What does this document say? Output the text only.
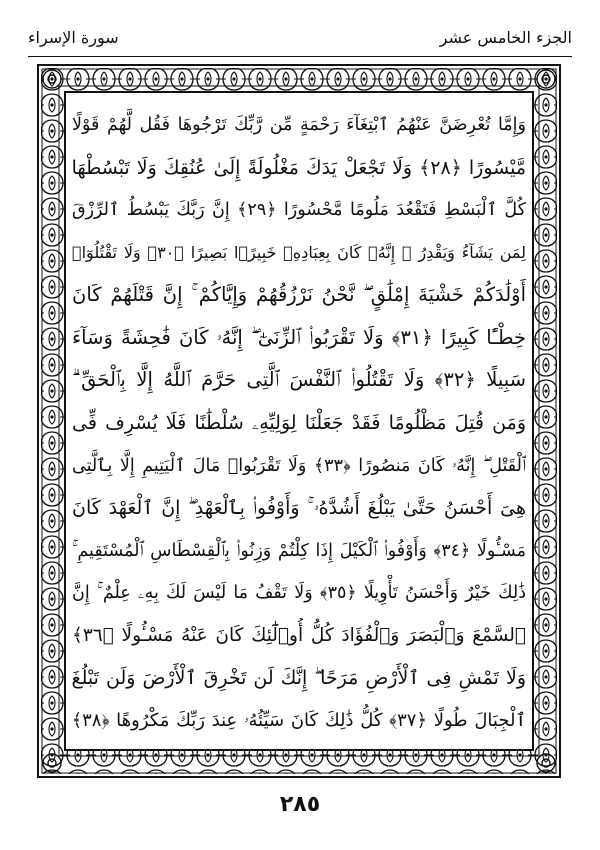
الجزء الخامس عشر
سورة الإسراء
وَإِمَّا تُعْرِضَنَّ عَنْهُمُ ٱبْتِغَآءَ رَحْمَةٍ مِّن رَّبِّكَ تَرْجُوهَا فَقُل لَّهُمْ قَوْلًا
مَّيْسُورًا ﴿٢٨﴾ وَلَا تَجْعَلْ يَدَكَ مَغْلُولَةً إِلَىٰ عُنُقِكَ وَلَا تَبْسُطْهَا
كُلَّ ٱلْبَسْطِ فَتَقْعُدَ مَلُومًا مَّحْسُورًا ﴿٢٩﴾ إِنَّ رَبَّكَ يَبْسُطُ ٱلرِّزْقَ
لِمَن يَشَآءُ وَيَقْدِرُ ۚ إِنَّهُۥ كَانَ بِعِبَادِهِۦ خَبِيرًۢا بَصِيرًا ﴿٣٠﴾ وَلَا تَقْتُلُوٓا۟
أَوْلَٰدَكُمْ خَشْيَةَ إِمْلَٰقٍ ۖ نَّحْنُ نَرْزُقُهُمْ وَإِيَّاكُمْ ۚ إِنَّ قَتْلَهُمْ كَانَ
خِطْـًٔا كَبِيرًا ﴿٣١﴾ وَلَا تَقْرَبُوا۟ ٱلزِّنَىٰٓ ۖ إِنَّهُۥ كَانَ فَٰحِشَةً وَسَآءَ
سَبِيلًا ﴿٣٢﴾ وَلَا تَقْتُلُوا۟ ٱلنَّفْسَ ٱلَّتِى حَرَّمَ ٱللَّهُ إِلَّا بِٱلْحَقِّ ۗ
وَمَن قُتِلَ مَظْلُومًا فَقَدْ جَعَلْنَا لِوَلِيِّهِۦ سُلْطَٰنًا فَلَا يُسْرِف فِّى
ٱلْقَتْلِ ۖ إِنَّهُۥ كَانَ مَنصُورًا ﴿٣٣﴾ وَلَا تَقْرَبُوا۟ مَالَ ٱلْيَتِيمِ إِلَّا بِٱلَّتِى
هِىَ أَحْسَنُ حَتَّىٰ يَبْلُغَ أَشُدَّهُۥ ۚ وَأَوْفُوا۟ بِٱلْعَهْدِ ۖ إِنَّ ٱلْعَهْدَ كَانَ
مَسْـُٔولًا ﴿٣٤﴾ وَأَوْفُوا۟ ٱلْكَيْلَ إِذَا كِلْتُمْ وَزِنُوا۟ بِٱلْقِسْطَاسِ ٱلْمُسْتَقِيمِ ۚ
ذَٰلِكَ خَيْرٌ وَأَحْسَنُ تَأْوِيلًا ﴿٣٥﴾ وَلَا تَقْفُ مَا لَيْسَ لَكَ بِهِۦ عِلْمٌ ۚ إِنَّ
ٱلسَّمْعَ وَٱلْبَصَرَ وَٱلْفُؤَادَ كُلُّ أُو۟لَٰٓئِكَ كَانَ عَنْهُ مَسْـُٔولًا ﴿٣٦﴾
وَلَا تَمْشِ فِى ٱلْأَرْضِ مَرَحًا ۖ إِنَّكَ لَن تَخْرِقَ ٱلْأَرْضَ وَلَن تَبْلُغَ
ٱلْجِبَالَ طُولًا ﴿٣٧﴾ كُلُّ ذَٰلِكَ كَانَ سَيِّئُهُۥ عِندَ رَبِّكَ مَكْرُوهًا ﴿٣٨﴾
٢٨٥
